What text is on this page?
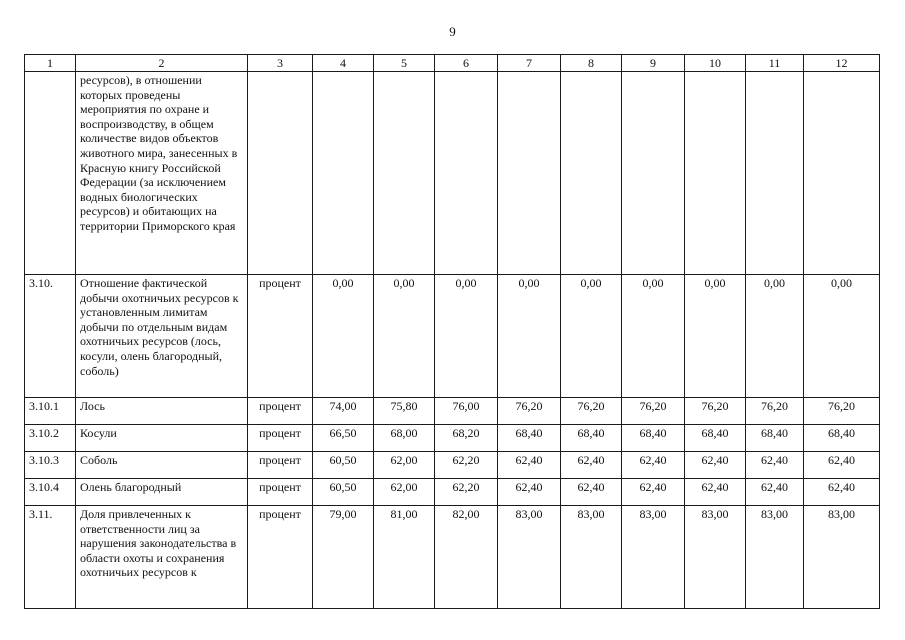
9
1	2	3	4	5	6	7	8	9	10	11	12
	ресурсов), в отношении которых проведены мероприятия по охране и воспроизводству, в общем количестве видов объектов животного мира, занесенных в Красную книгу Российской Федерации (за исключением водных биологических ресурсов) и обитающих на территории Приморского края										
3.10.	Отношение фактической добычи охотничьих ресурсов к установленным лимитам добычи по отдельным видам охотничьих ресурсов (лось, косули, олень благородный, соболь)	процент	0,00	0,00	0,00	0,00	0,00	0,00	0,00	0,00	0,00
3.10.1	Лось	процент	74,00	75,80	76,00	76,20	76,20	76,20	76,20	76,20	76,20
3.10.2	Косули	процент	66,50	68,00	68,20	68,40	68,40	68,40	68,40	68,40	68,40
3.10.3	Соболь	процент	60,50	62,00	62,20	62,40	62,40	62,40	62,40	62,40	62,40
3.10.4	Олень благородный	процент	60,50	62,00	62,20	62,40	62,40	62,40	62,40	62,40	62,40
3.11.	Доля привлеченных к ответственности лиц за нарушения законодательства в области охоты и сохранения охотничьих ресурсов к	процент	79,00	81,00	82,00	83,00	83,00	83,00	83,00	83,00	83,00
